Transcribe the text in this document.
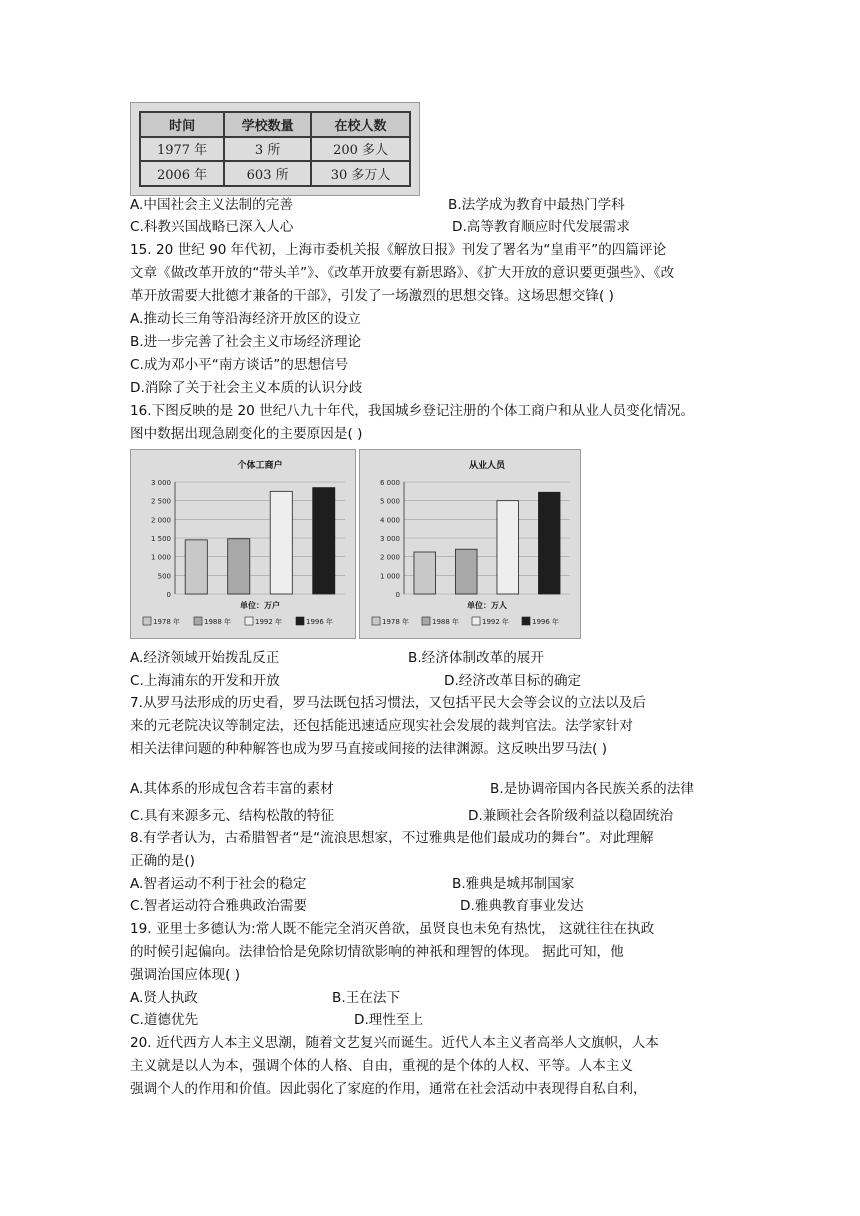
时间	学校数量	在校人数
1977 年	3 所	200 多人
2006 年	603 所	30 多万人
A.中国社会主义法制的完善	B.法学成为教育中最热门学科
C.科教兴国战略已深入人心	D.高等教育顺应时代发展需求
15. 20 世纪 90 年代初，上海市委机关报《解放日报》刊发了署名为“皇甫平”的四篇评论
文章《做改革开放的“带头羊”》、《改革开放要有新思路》、《扩大开放的意识要更强些》、《改
革开放需要大批德才兼备的干部》，引发了一场激烈的思想交锋。这场思想交锋( )
A.推动长三角等沿海经济开放区的设立
B.进一步完善了社会主义市场经济理论
C.成为邓小平“南方谈话”的思想信号
D.消除了关于社会主义本质的认识分歧
16.下图反映的是 20 世纪八九十年代，我国城乡登记注册的个体工商户和从业人员变化情况。
图中数据出现急剧变化的主要原因是( )
个体工商户
0
500
1 000
1 500
2 000
2 500
3 000
单位：万户
1978 年	1988 年	1992 年	1996 年
从业人员
0
1 000
2 000
3 000
4 000
5 000
6 000
单位：万人
1978 年	1988 年	1992 年	1996 年
A.经济领域开始拨乱反正	B.经济体制改革的展开
C.上海浦东的开发和开放	D.经济改革目标的确定
7.从罗马法形成的历史看，罗马法既包括习惯法，又包括平民大会等会议的立法以及后
来的元老院决议等制定法，还包括能迅速适应现实社会发展的裁判官法。法学家针对
相关法律问题的种种解答也成为罗马直接或间接的法律渊源。这反映出罗马法( )
A.其体系的形成包含若丰富的素材	B.是协调帝国内各民族关系的法律
C.具有来源多元、结构松散的特征	D.兼顾社会各阶级利益以稳固统治
8.有学者认为，古希腊智者“是“流浪思想家，不过雅典是他们最成功的舞台”。对此理解
正确的是()
A.智者运动不利于社会的稳定	B.雅典是城邦制国家
C.智者运动符合雅典政治需要	D.雅典教育事业发达
19. 亚里士多德认为:常人既不能完全消灭兽欲，虽贤良也未免有热忱， 这就往往在执政
的时候引起偏向。法律恰恰是免除切情欲影响的神祇和理智的体现。 据此可知，他
强调治国应体现( )
A.贤人执政	B.王在法下
C.道德优先	D.理性至上
20. 近代西方人本主义思潮，随着文艺复兴而诞生。近代人本主义者高举人文旗帜，人本
主义就是以人为本，强调个体的人格、自由，重视的是个体的人权、平等。人本主义
强调个人的作用和价值。因此弱化了家庭的作用，通常在社会活动中表现得自私自利，
